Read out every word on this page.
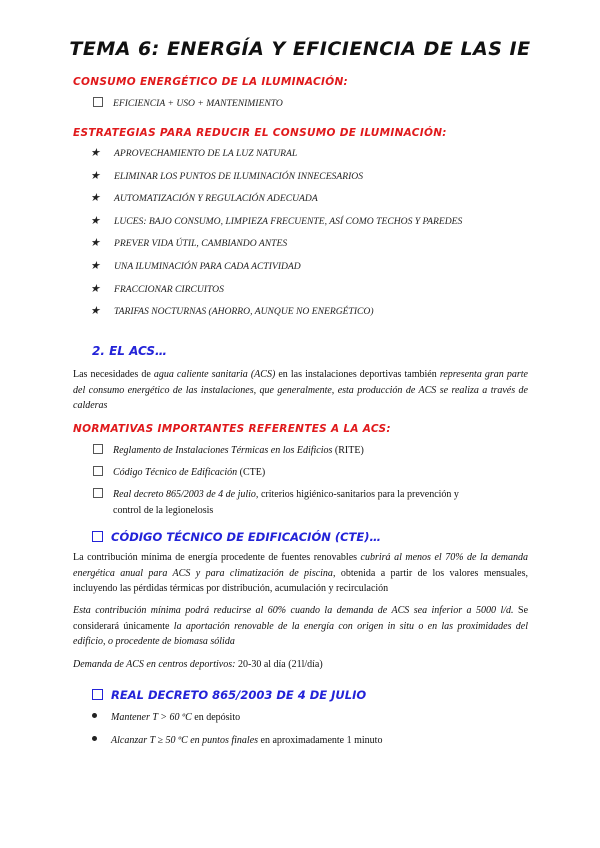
TEMA 6: ENERGÍA Y EFICIENCIA DE LAS IE
CONSUMO ENERGÉTICO DE LA ILUMINACIÓN:
EFICIENCIA + USO + MANTENIMIENTO
ESTRATEGIAS PARA REDUCIR EL CONSUMO DE ILUMINACIÓN:
★ APROVECHAMIENTO DE LA LUZ NATURAL
★ ELIMINAR LOS PUNTOS DE ILUMINACIÓN INNECESARIOS
★ AUTOMATIZACIÓN Y REGULACIÓN ADECUADA
★ LUCES: BAJO CONSUMO, LIMPIEZA FRECUENTE, ASÍ COMO TECHOS Y PAREDES
★ PREVER VIDA ÚTIL, CAMBIANDO ANTES
★ UNA ILUMINACIÓN PARA CADA ACTIVIDAD
★ FRACCIONAR CIRCUITOS
★ TARIFAS NOCTURNAS (AHORRO, AUNQUE NO ENERGÉTICO)
2. EL ACS…
Las necesidades de agua caliente sanitaria (ACS) en las instalaciones deportivas también representa gran parte del consumo energético de las instalaciones, que generalmente, esta producción de ACS se realiza a través de calderas
NORMATIVAS IMPORTANTES REFERENTES A LA ACS:
Reglamento de Instalaciones Térmicas en los Edificios (RITE)
Código Técnico de Edificación (CTE)
Real decreto 865/2003 de 4 de julio, criterios higiénico-sanitarios para la prevención y
control de la legionelosis
CÓDIGO TÉCNICO DE EDIFICACIÓN (CTE)…
La contribución mínima de energía procedente de fuentes renovables cubrirá al menos el 70% de la demanda energética anual para ACS y para climatización de piscina, obtenida a partir de los valores mensuales, incluyendo las pérdidas térmicas por distribución, acumulación y recirculación
Esta contribución mínima podrá reducirse al 60% cuando la demanda de ACS sea inferior a 5000 l/d. Se considerará únicamente la aportación renovable de la energía con origen in situ o en las proximidades del edificio, o procedente de biomasa sólida
Demanda de ACS en centros deportivos: 20-30 al día (21l/día)
REAL DECRETO 865/2003 DE 4 DE JULIO
Mantener T > 60 ºC en depósito
Alcanzar T ≥ 50 ºC en puntos finales en aproximadamente 1 minuto
